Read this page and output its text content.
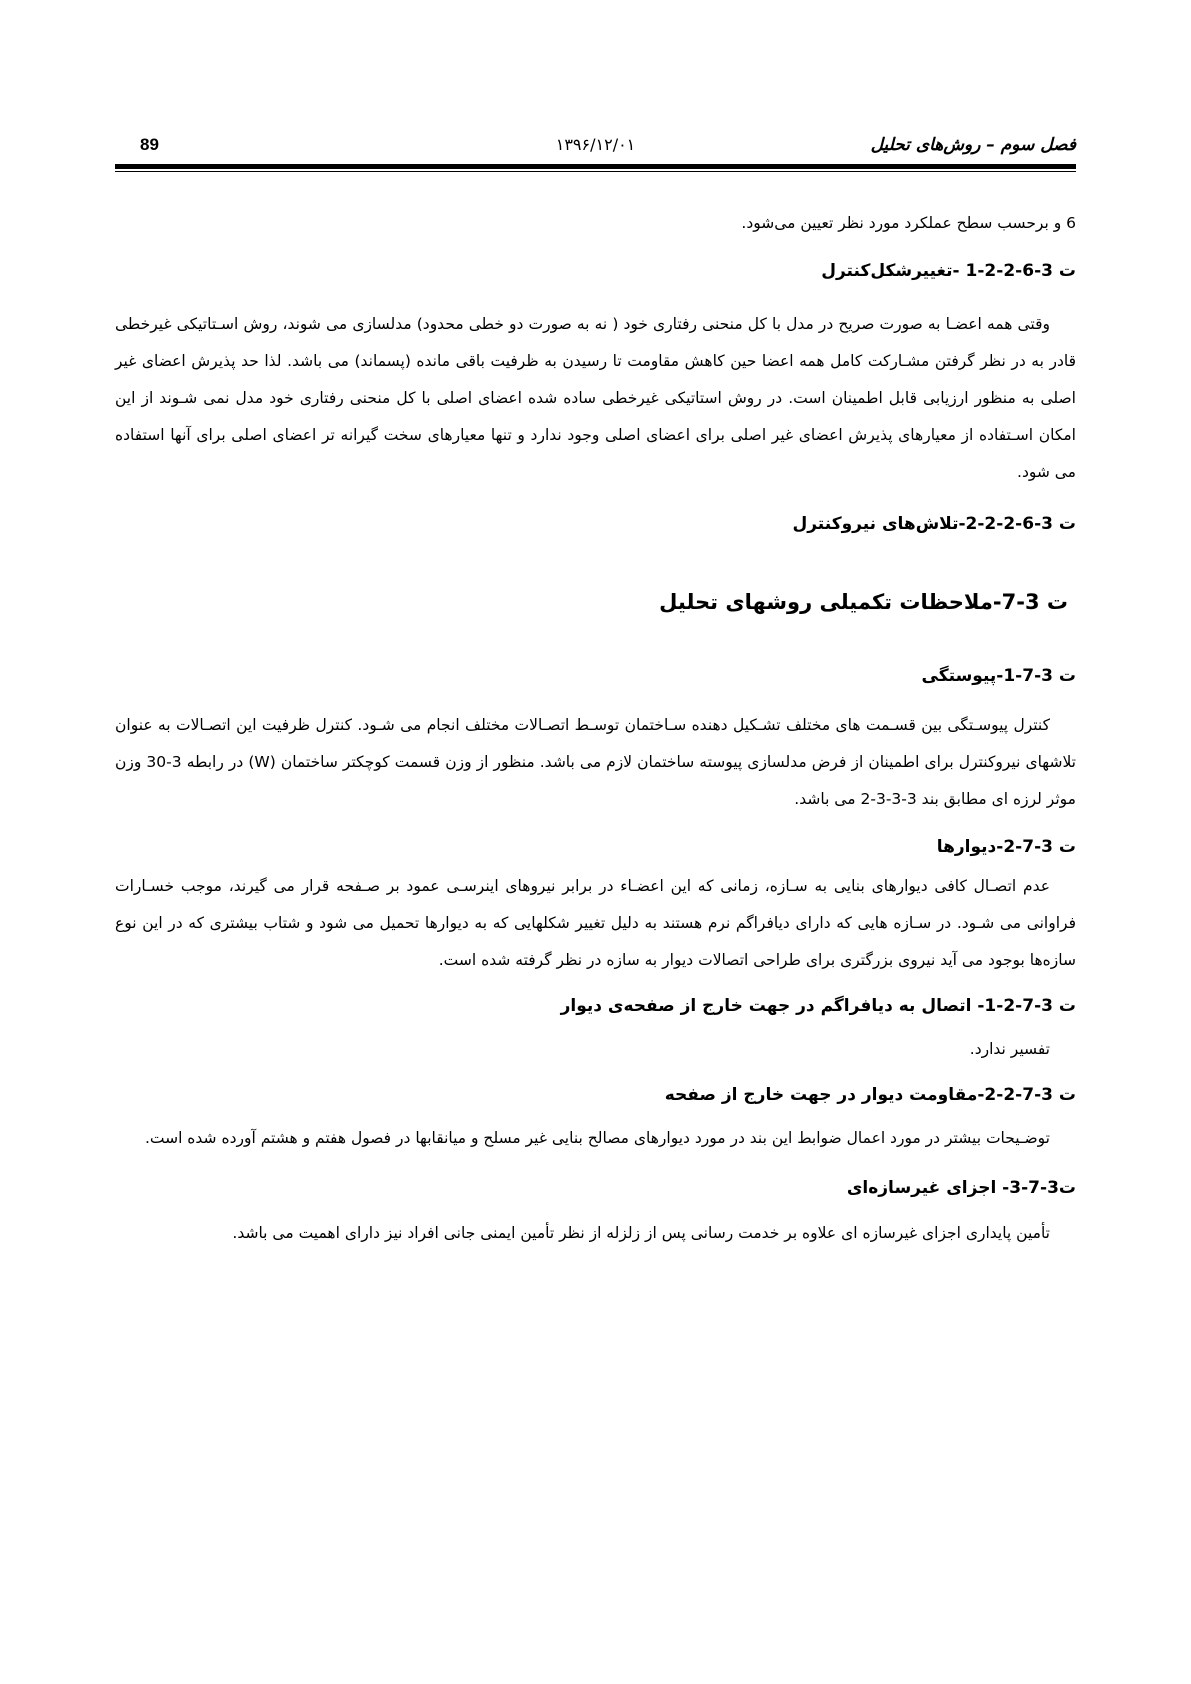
فصل سوم – روش‌های تحلیل
۱۳۹۶/۱۲/۰۱
89

6 و برحسب سطح عملکرد مورد نظر تعیین می‌شود.

ت 3-6-2-2-1 -تغییرشکل‌کنترل

وقتی همه اعضـا به صورت صریح در مدل با کل منحنی رفتاری خود ( نه به صورت دو خطی محدود) مدلسازی می شوند، روش اسـتاتیکی غیرخطی قادر به در نظر گرفتن مشـارکت کامل همه اعضا حین کاهش مقاومت تا رسیدن به ظرفیت باقی مانده (پسماند) می باشد. لذا حد پذیرش اعضای غیر اصلی به منظور ارزیابی قابل اطمینان است. در روش استاتیکی غیرخطی ساده شده اعضای اصلی با کل منحنی رفتاری خود مدل نمی شـوند از این امکان اسـتفاده از معیارهای پذیرش اعضای غیر اصلی برای اعضای اصلی وجود ندارد و تنها معیارهای سخت گیرانه تر اعضای اصلی برای آنها استفاده می شود.

ت 3-6-2-2-2-تلاش‌های نیروکنترل

ت 3-7-ملاحظات تکمیلی روشهای تحلیل

ت 3-7-1-پیوستگی

کنترل پیوسـتگی بین قسـمت های مختلف تشـکیل دهنده سـاختمان توسـط اتصـالات مختلف انجام می شـود. کنترل ظرفیت این اتصـالات به عنوان تلاشهای نیروکنترل برای اطمینان از فرض مدلسازی پیوسته ساختمان لازم می باشد. منظور از وزن قسمت کوچکتر ساختمان (W) در رابطه 3-30 وزن موثر لرزه ای مطابق بند 3-3-3-2 می باشد.

ت 3-7-2-دیوارها

عدم اتصـال کافی دیوارهای بنایی به سـازه، زمانی که این اعضـاء در برابر نیروهای اینرسـی عمود بر صـفحه قرار می گیرند، موجب خسـارات فراوانی می شـود. در سـازه هایی که دارای دیافراگم نرم هستند به دلیل تغییر شکلهایی که به دیوارها تحمیل می شود و شتاب بیشتری که در این نوع سازه‌ها بوجود می آید نیروی بزرگتری برای طراحی اتصالات دیوار به سازه در نظر گرفته شده است.

ت 3-7-2-1- اتصال به دیافراگم در جهت خارج از صفحه‌ی دیوار

تفسیر ندارد.

ت 3-7-2-2-مقاومت دیوار در جهت خارج از صفحه

توضـیحات بیشتر در مورد اعمال ضوابط این بند در مورد دیوارهای مصالح بنایی غیر مسلح و میانقابها در فصول هفتم و هشتم آورده شده است.

ت3-7-3- اجزای غیرسازه‌ای

تأمین پایداری اجزای غیرسازه ای علاوه بر خدمت رسانی پس از زلزله از نظر تأمین ایمنی جانی افراد نیز دارای اهمیت می باشد.
